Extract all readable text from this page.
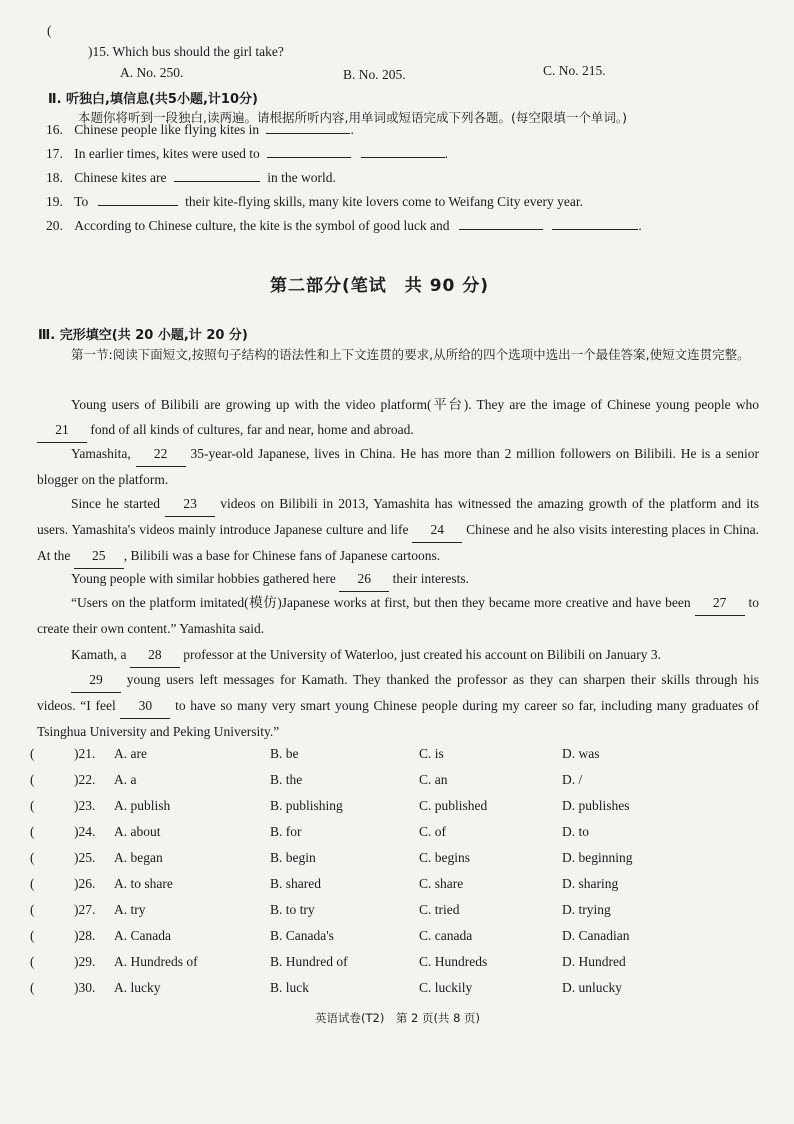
(
)15. Which bus should the girl take?
A. No. 250.	B. No. 205.	C. No. 215.
Ⅱ. 听独白,填信息(共5小题,计10分)
本题你将听到一段独白,读两遍。请根据所听内容,用单词或短语完成下列各题。(每空限填一个单词。)
16. Chinese people like flying kites in	.
17. In earlier times, kites were used to	.
18. Chinese kites are	in the world.
19. To	their kite-flying skills, many kite lovers come to Weifang City every year.
20. According to Chinese culture, the kite is the symbol of good luck and	.
第二部分(笔试　共 90 分)
Ⅲ. 完形填空(共 20 小题,计 20 分)
第一节:阅读下面短文,按照句子结构的语法性和上下文连贯的要求,从所给的四个选项中选出一个最佳答案,使短文连贯完整。
Young users of Bilibili are growing up with the video platform(平台). They are the image of Chinese young people who 21 fond of all kinds of cultures, far and near, home and abroad.
Yamashita, 22 35-year-old Japanese, lives in China. He has more than 2 million followers on Bilibili. He is a senior blogger on the platform.
Since he started 23 videos on Bilibili in 2013, Yamashita has witnessed the amazing growth of the platform and its users. Yamashita's videos mainly introduce Japanese culture and life 24 Chinese and he also visits interesting places in China. At the 25 , Bilibili was a base for Chinese fans of Japanese cartoons.
Young people with similar hobbies gathered here 26 their interests.
“Users on the platform imitated(模仿)Japanese works at first, but then they became more creative and have been 27 to create their own content.” Yamashita said.
Kamath, a 28 professor at the University of Waterloo, just created his account on Bilibili on January 3.
29 young users left messages for Kamath. They thanked the professor as they can sharpen their skills through his videos. “I feel 30 to have so many very smart young Chinese people during my career so far, including many graduates of Tsinghua University and Peking University.”
(	)21. A. are	B. be	C. is	D. was
(	)22. A. a	B. the	C. an	D. /
(	)23. A. publish	B. publishing	C. published	D. publishes
(	)24. A. about	B. for	C. of	D. to
(	)25. A. began	B. begin	C. begins	D. beginning
(	)26. A. to share	B. shared	C. share	D. sharing
(	)27. A. try	B. to try	C. tried	D. trying
(	)28. A. Canada	B. Canada's	C. canada	D. Canadian
(	)29. A. Hundreds of	B. Hundred of	C. Hundreds	D. Hundred
(	)30. A. lucky	B. luck	C. luckily	D. unlucky
英语试卷(T2)　第 2 页(共 8 页)
